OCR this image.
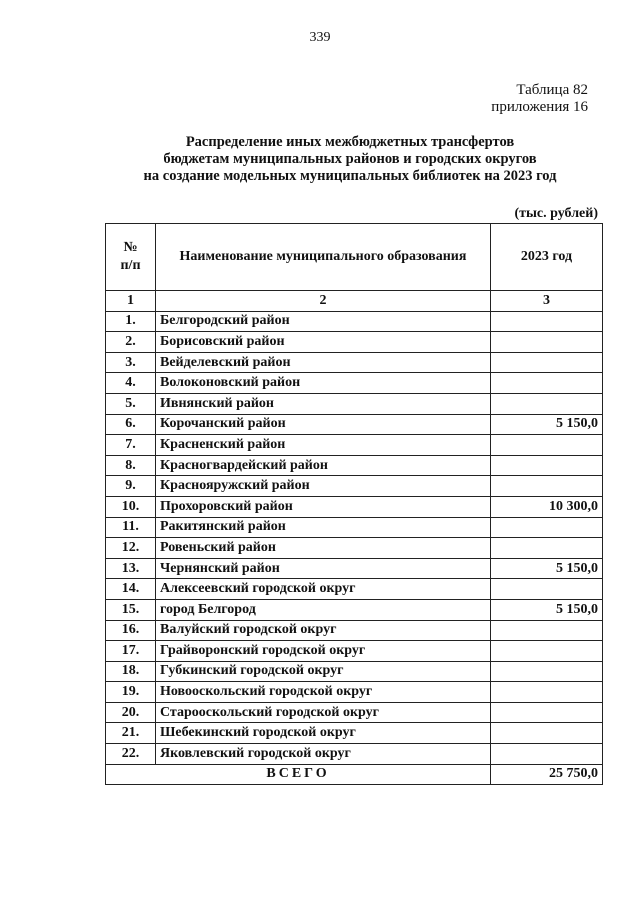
339
Таблица 82
приложения 16
Распределение иных межбюджетных трансфертов
бюджетам муниципальных районов и городских округов
на создание модельных муниципальных библиотек на 2023 год
(тыс. рублей)
№
п/п	Наименование муниципального образования	2023 год
1	2	3
1.	Белгородский район	
2.	Борисовский район	
3.	Вейделевский район	
4.	Волоконовский район	
5.	Ивнянский район	
6.	Корочанский район	5 150,0
7.	Красненский район	
8.	Красногвардейский район	
9.	Краснояружский район	
10.	Прохоровский район	10 300,0
11.	Ракитянский район	
12.	Ровеньский район	
13.	Чернянский район	5 150,0
14.	Алексеевский городской округ	
15.	город Белгород	5 150,0
16.	Валуйский городской округ	
17.	Грайворонский городской округ	
18.	Губкинский городской округ	
19.	Новооскольский городской округ	
20.	Старооскольский городской округ	
21.	Шебекинский городской округ	
22.	Яковлевский городской округ	
ВСЕГО		25 750,0
